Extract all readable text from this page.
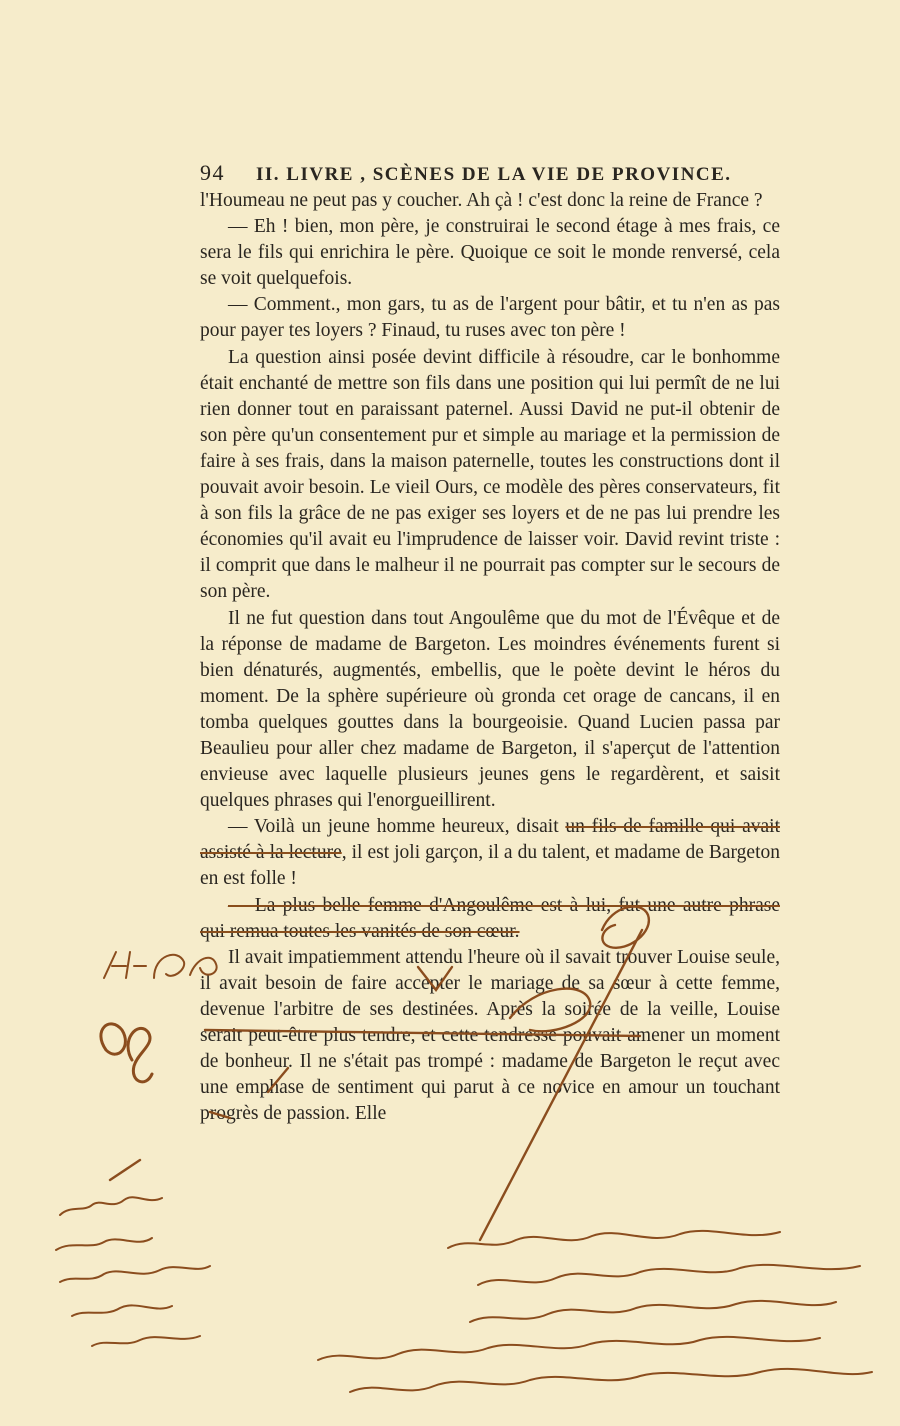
94 II. LIVRE , SCÈNES DE LA VIE DE PROVINCE.

l'Houmeau ne peut pas y coucher. Ah çà ! c'est donc la reine de France ?

— Eh ! bien, mon père, je construirai le second étage à mes frais, ce sera le fils qui enrichira le père. Quoique ce soit le monde renversé, cela se voit quelquefois.

— Comment., mon gars, tu as de l'argent pour bâtir, et tu n'en as pas pour payer tes loyers ? Finaud, tu ruses avec ton père !

La question ainsi posée devint difficile à résoudre, car le bonhomme était enchanté de mettre son fils dans une position qui lui permît de ne lui rien donner tout en paraissant paternel. Aussi David ne put-il obtenir de son père qu'un consentement pur et simple au mariage et la permission de faire à ses frais, dans la maison paternelle, toutes les constructions dont il pouvait avoir besoin. Le vieil Ours, ce modèle des pères conservateurs, fit à son fils la grâce de ne pas exiger ses loyers et de ne pas lui prendre les économies qu'il avait eu l'imprudence de laisser voir. David revint triste : il comprit que dans le malheur il ne pourrait pas compter sur le secours de son père.

Il ne fut question dans tout Angoulême que du mot de l'Évêque et de la réponse de madame de Bargeton. Les moindres événements furent si bien dénaturés, augmentés, embellis, que le poète devint le héros du moment. De la sphère supérieure où gronda cet orage de cancans, il en tomba quelques gouttes dans la bourgeoisie. Quand Lucien passa par Beaulieu pour aller chez madame de Bargeton, il s'aperçut de l'attention envieuse avec laquelle plusieurs jeunes gens le regardèrent, et saisit quelques phrases qui l'enorgueillirent.

— Voilà un jeune homme heureux, disait un fils de famille qui avait assisté à la lecture, il est joli garçon, il a du talent, et madame de Bargeton en est folle !

— La plus belle femme d'Angoulême est à lui, fut une autre phrase qui remua toutes les vanités de son cœur.

Il avait impatiemment attendu l'heure où il savait trouver Louise seule, il avait besoin de faire accepter le mariage de sa sœur à cette femme, devenue l'arbitre de ses destinées. Après la soirée de la veille, Louise serait peut-être plus tendre, et cette tendresse pouvait amener un moment de bonheur. Il ne s'était pas trompé : madame de Bargeton le reçut avec une emphase de sentiment qui parut à ce novice en amour un touchant progrès de passion. Elle
